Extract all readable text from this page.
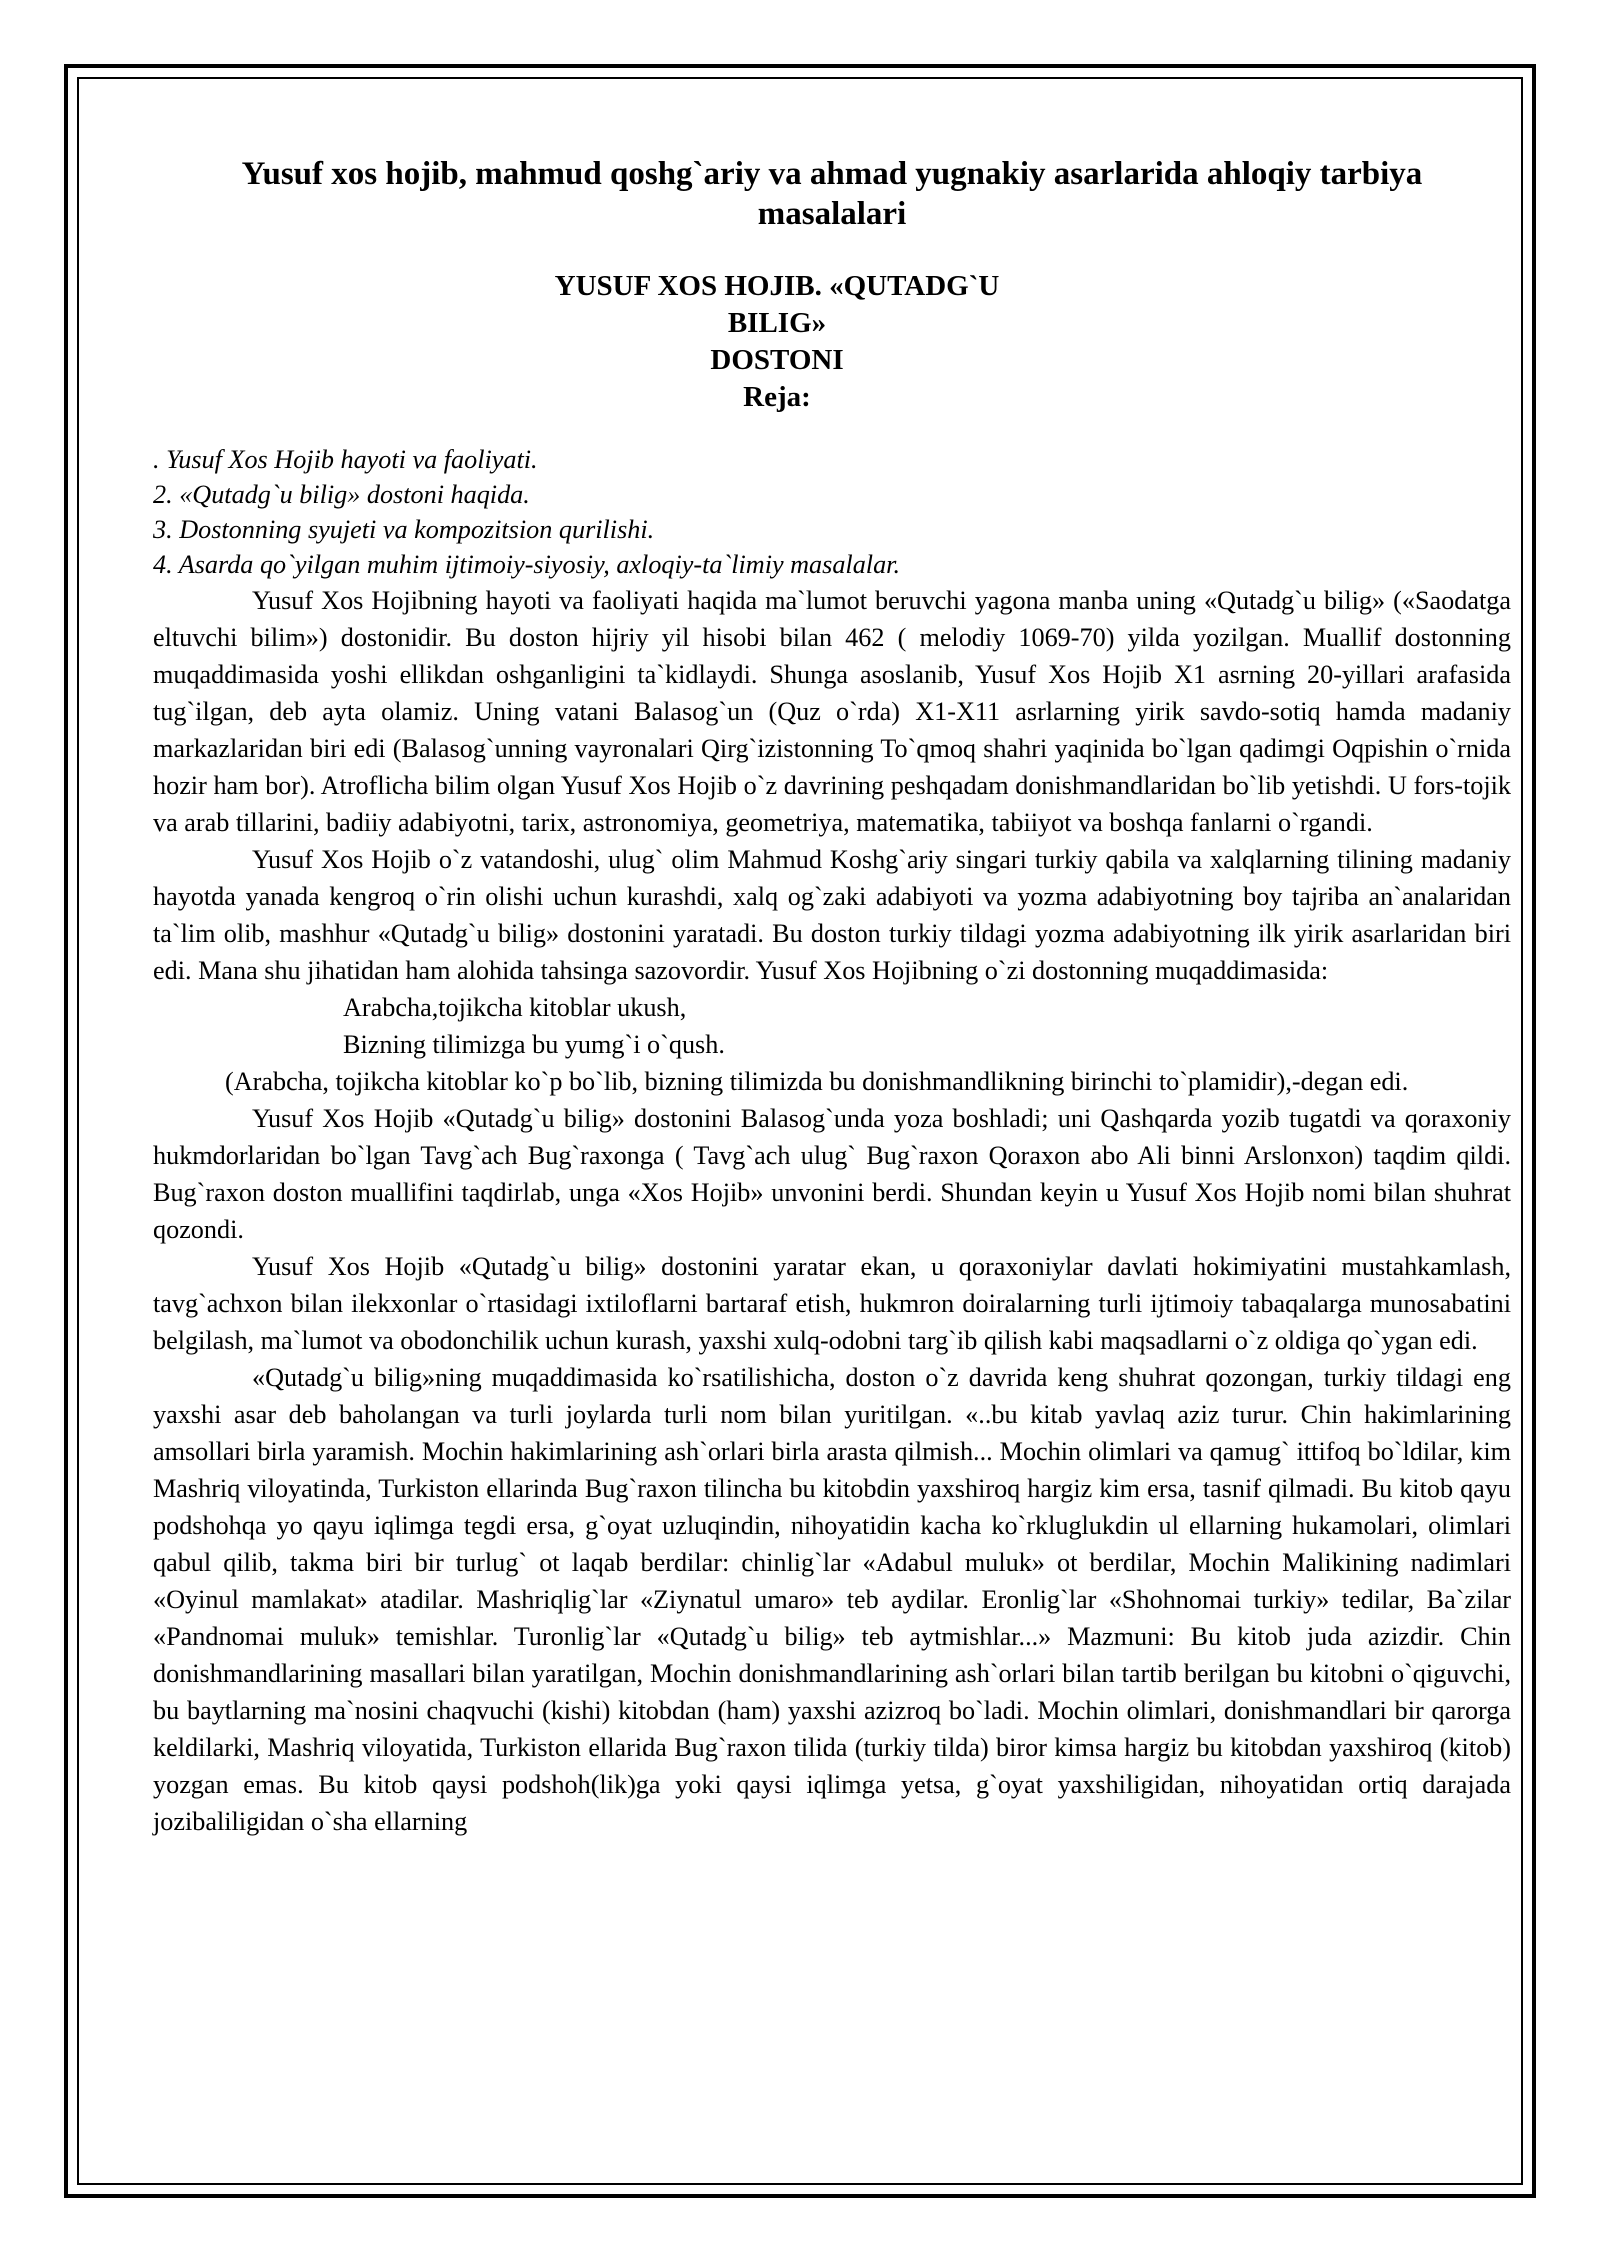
Yusuf xos hojib, mahmud qoshg`ariy va ahmad yugnakiy asarlarida ahloqiy tarbiya masalalari
YUSUF XOS HOJIB. «QUTADG`U BILIG»
DOSTONI
Reja:
. Yusuf Xos Hojib hayoti va faoliyati.
2. «Qutadg`u bilig» dostoni haqida.
3. Dostonning syujeti va kompozitsion qurilishi.
4. Asarda qo`yilgan muhim ijtimoiy-siyosiy, axloqiy-ta`limiy masalalar.
Yusuf Xos Hojibning hayoti va faoliyati haqida ma`lumot beruvchi yagona manba uning «Qutadg`u bilig» («Saodatga eltuvchi bilim») dostonidir. Bu doston hijriy yil hisobi bilan 462 ( melodiy 1069-70) yilda yozilgan. Muallif dostonning muqaddimasida yoshi ellikdan oshganligini ta`kidlaydi. Shunga asoslanib, Yusuf Xos Hojib X1 asrning 20-yillari arafasida tug`ilgan, deb ayta olamiz. Uning vatani Balasog`un (Quz o`rda) X1-X11 asrlarning yirik savdo-sotiq hamda madaniy markazlaridan biri edi (Balasog`unning vayronalari Qirg`izistonning To`qmoq shahri yaqinida bo`lgan qadimgi Oqpishin o`rnida hozir ham bor). Atroflicha bilim olgan Yusuf Xos Hojib o`z davrining peshqadam donishmandlaridan bo`lib yetishdi. U fors-tojik va arab tillarini, badiiy adabiyotni, tarix, astronomiya, geometriya, matematika, tabiiyot va boshqa fanlarni o`rgandi.
Yusuf Xos Hojib o`z vatandoshi, ulug` olim Mahmud Koshg`ariy singari turkiy qabila va xalqlarning tilining madaniy hayotda yanada kengroq o`rin olishi uchun kurashdi, xalq og`zaki adabiyoti va yozma adabiyotning boy tajriba an`analaridan ta`lim olib, mashhur «Qutadg`u bilig» dostonini yaratadi. Bu doston turkiy tildagi yozma adabiyotning ilk yirik asarlaridan biri edi. Mana shu jihatidan ham alohida tahsinga sazovordir. Yusuf Xos Hojibning o`zi dostonning muqaddimasida:
Arabcha,tojikcha kitoblar ukush,
Bizning tilimizga bu yumg`i o`qush.
(Arabcha, tojikcha kitoblar ko`p bo`lib, bizning tilimizda bu donishmandlikning birinchi to`plamidir),-degan edi.
Yusuf Xos Hojib «Qutadg`u bilig» dostonini Balasog`unda yoza boshladi; uni Qashqarda yozib tugatdi va qoraxoniy hukmdorlaridan bo`lgan Tavg`ach Bug`raxonga ( Tavg`ach ulug` Bug`raxon Qoraxon abo Ali binni Arslonxon) taqdim qildi. Bug`raxon doston muallifini taqdirlab, unga «Xos Hojib» unvonini berdi. Shundan keyin u Yusuf Xos Hojib nomi bilan shuhrat qozondi.
Yusuf Xos Hojib «Qutadg`u bilig» dostonini yaratar ekan, u qoraxoniylar davlati hokimiyatini mustahkamlash, tavg`achxon bilan ilekxonlar o`rtasidagi ixtiloflarni bartaraf etish, hukmron doiralarning turli ijtimoiy tabaqalarga munosabatini belgilash, ma`lumot va obodonchilik uchun kurash, yaxshi xulq-odobni targ`ib qilish kabi maqsadlarni o`z oldiga qo`ygan edi.
«Qutadg`u bilig»ning muqaddimasida ko`rsatilishicha, doston o`z davrida keng shuhrat qozongan, turkiy tildagi eng yaxshi asar deb baholangan va turli joylarda turli nom bilan yuritilgan. «..bu kitab yavlaq aziz turur. Chin hakimlarining amsollari birla yaramish. Mochin hakimlarining ash`orlari birla arasta qilmish... Mochin olimlari va qamug` ittifoq bo`ldilar, kim Mashriq viloyatinda, Turkiston ellarinda Bug`raxon tilincha bu kitobdin yaxshiroq hargiz kim ersa, tasnif qilmadi. Bu kitob qayu podshohqa yo qayu iqlimga tegdi ersa, g`oyat uzluqindin, nihoyatidin kacha ko`rkluglukdin ul ellarning hukamolari, olimlari qabul qilib, takma biri bir turlug` ot laqab berdilar: chinlig`lar «Adabul muluk» ot berdilar, Mochin Malikining nadimlari «Oyinul mamlakat» atadilar. Mashriqlig`lar «Ziynatul umaro» teb aydilar. Eronlig`lar «Shohnomai turkiy» tedilar, Ba`zilar «Pandnomai muluk» temishlar. Turonlig`lar «Qutadg`u bilig» teb aytmishlar...» Mazmuni: Bu kitob juda azizdir. Chin donishmandlarining masallari bilan yaratilgan, Mochin donishmandlarining ash`orlari bilan tartib berilgan bu kitobni o`qiguvchi, bu baytlarning ma`nosini chaqvuchi (kishi) kitobdan (ham) yaxshi azizroq bo`ladi. Mochin olimlari, donishmandlari bir qarorga keldilarki, Mashriq viloyatida, Turkiston ellarida Bug`raxon tilida (turkiy tilda) biror kimsa hargiz bu kitobdan yaxshiroq (kitob) yozgan emas. Bu kitob qaysi podshoh(lik)ga yoki qaysi iqlimga yetsa, g`oyat yaxshiligidan, nihoyatidan ortiq darajada jozibaliligidan o`sha ellarning
